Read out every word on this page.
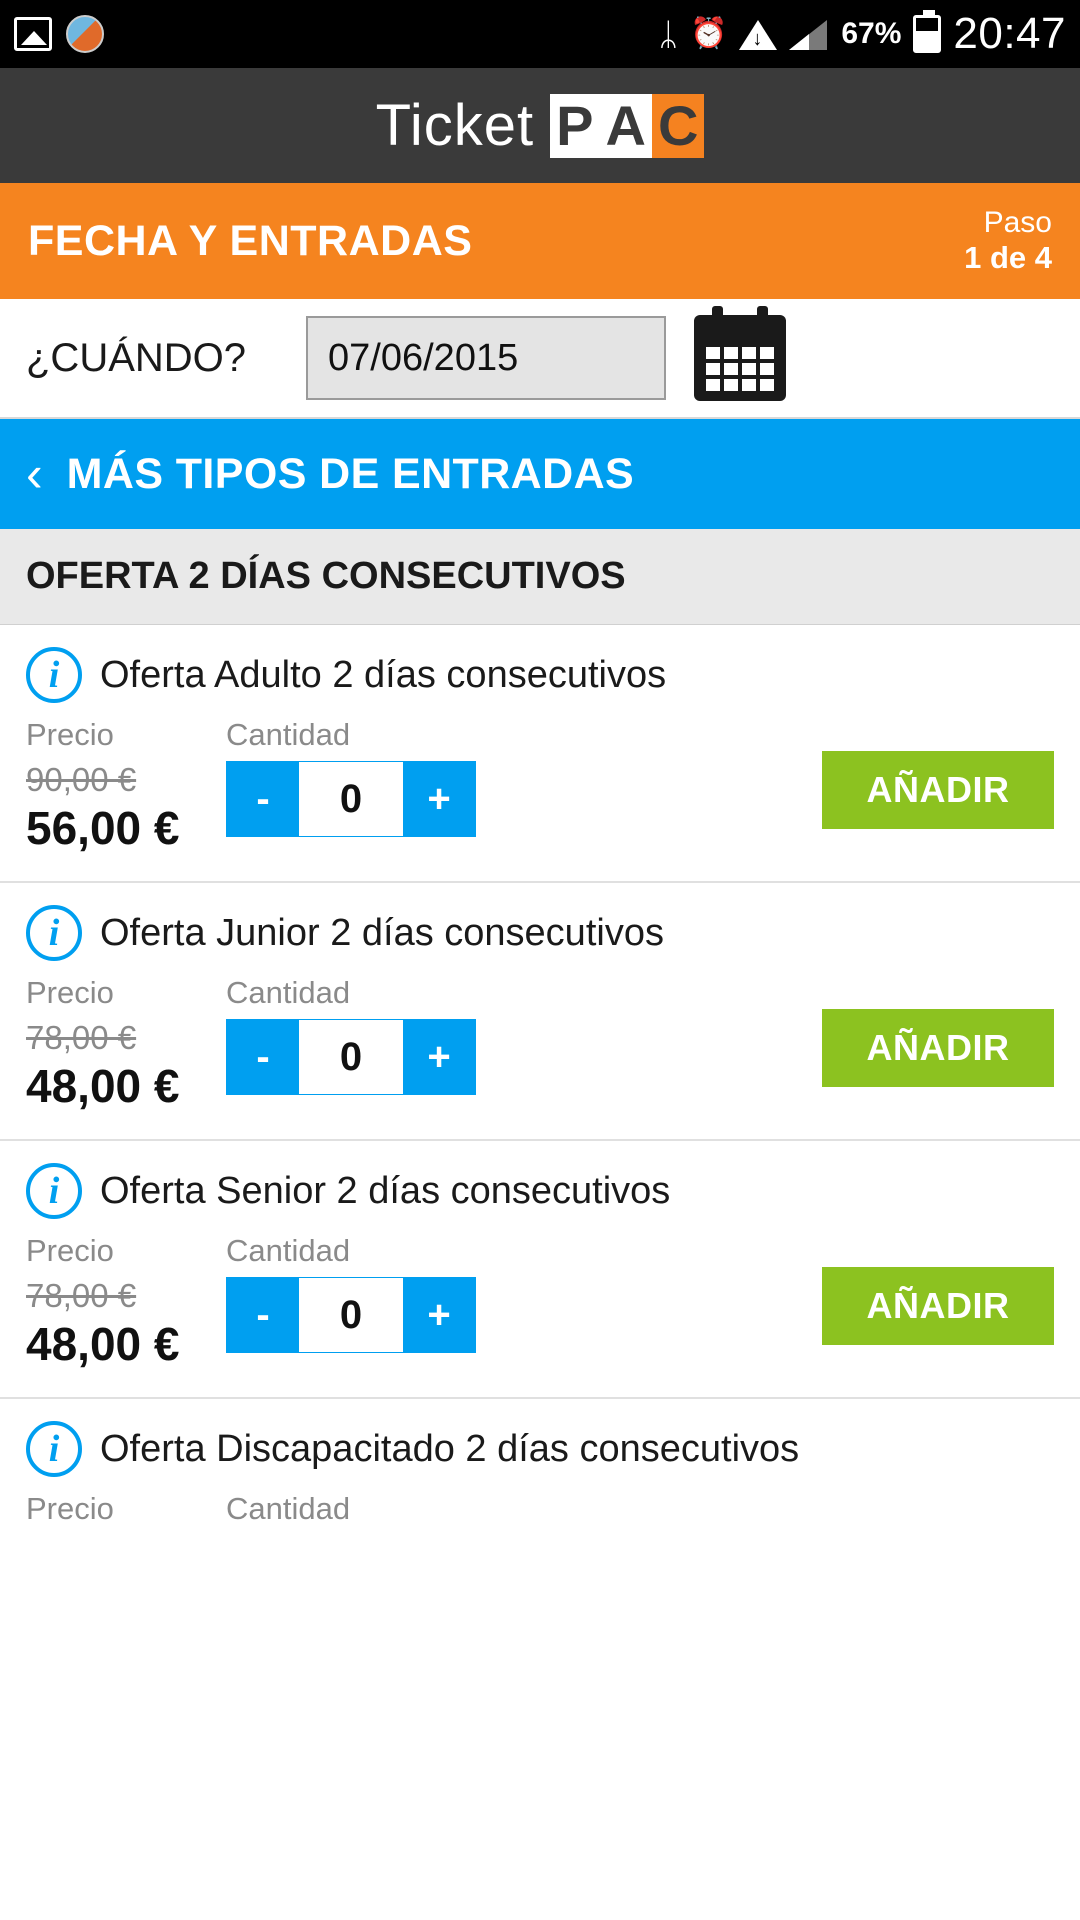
ᛦ ⏰ ↓	67% 20:47
Ticket P A C
FECHA Y ENTRADAS	Paso
1 de 4
¿CUÁNDO?	07/06/2015
‹ MÁS TIPOS DE ENTRADAS
OFERTA 2 DÍAS CONSECUTIVOS
i	Oferta Adulto 2 días consecutivos
Precio
90,00 €
56,00 €
Cantidad
-	0	+	AÑADIR
i	Oferta Junior 2 días consecutivos
Precio
78,00 €
48,00 €
Cantidad
-	0	+	AÑADIR
i	Oferta Senior 2 días consecutivos
Precio
78,00 €
48,00 €
Cantidad
-	0	+	AÑADIR
i	Oferta Discapacitado 2 días consecutivos
Precio	Cantidad
